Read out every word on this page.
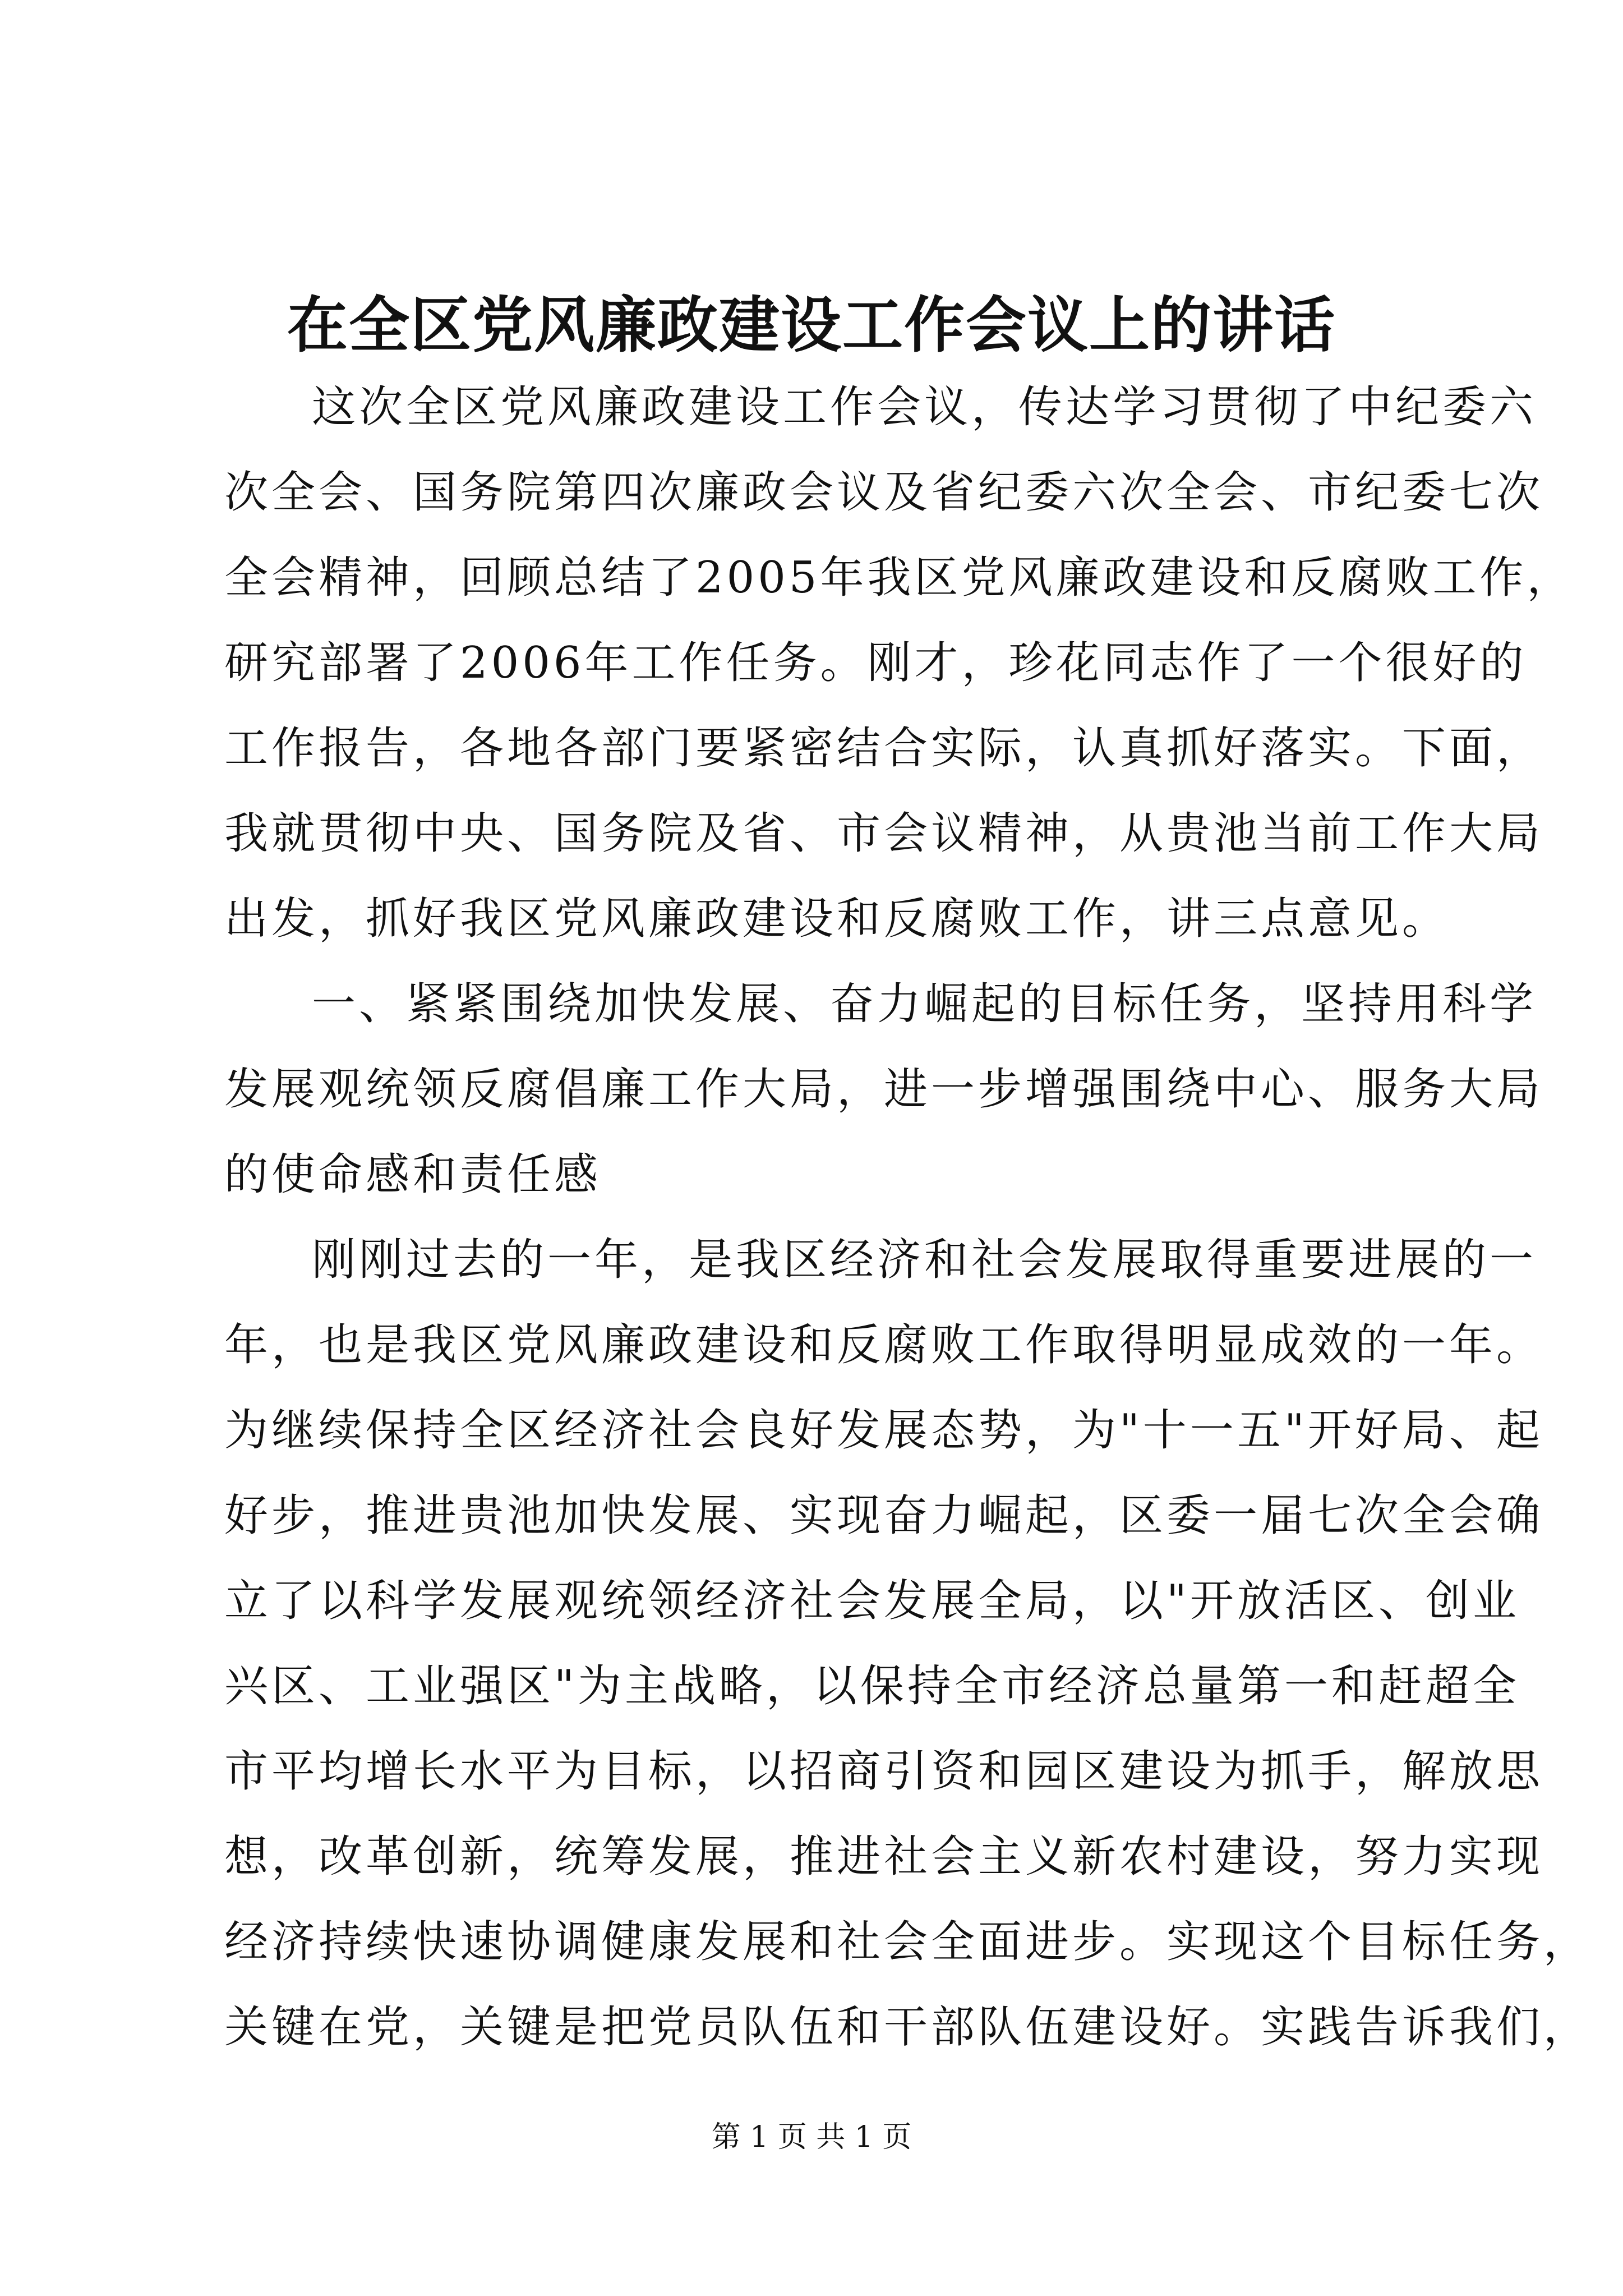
在全区党风廉政建设工作会议上的讲话
这次全区党风廉政建设工作会议，传达学习贯彻了中纪委六
次全会、国务院第四次廉政会议及省纪委六次全会、市纪委七次
全会精神，回顾总结了2005年我区党风廉政建设和反腐败工作，
研究部署了2006年工作任务。刚才，珍花同志作了一个很好的
工作报告，各地各部门要紧密结合实际，认真抓好落实。下面，
我就贯彻中央、国务院及省、市会议精神，从贵池当前工作大局
出发，抓好我区党风廉政建设和反腐败工作，讲三点意见。
一、紧紧围绕加快发展、奋力崛起的目标任务，坚持用科学
发展观统领反腐倡廉工作大局，进一步增强围绕中心、服务大局
的使命感和责任感
刚刚过去的一年，是我区经济和社会发展取得重要进展的一
年，也是我区党风廉政建设和反腐败工作取得明显成效的一年。
为继续保持全区经济社会良好发展态势，为"十一五"开好局、起
好步，推进贵池加快发展、实现奋力崛起，区委一届七次全会确
立了以科学发展观统领经济社会发展全局，以"开放活区、创业
兴区、工业强区"为主战略，以保持全市经济总量第一和赶超全
市平均增长水平为目标，以招商引资和园区建设为抓手，解放思
想，改革创新，统筹发展，推进社会主义新农村建设，努力实现
经济持续快速协调健康发展和社会全面进步。实现这个目标任务，
关键在党，关键是把党员队伍和干部队伍建设好。实践告诉我们，
第 1 页 共 1 页
